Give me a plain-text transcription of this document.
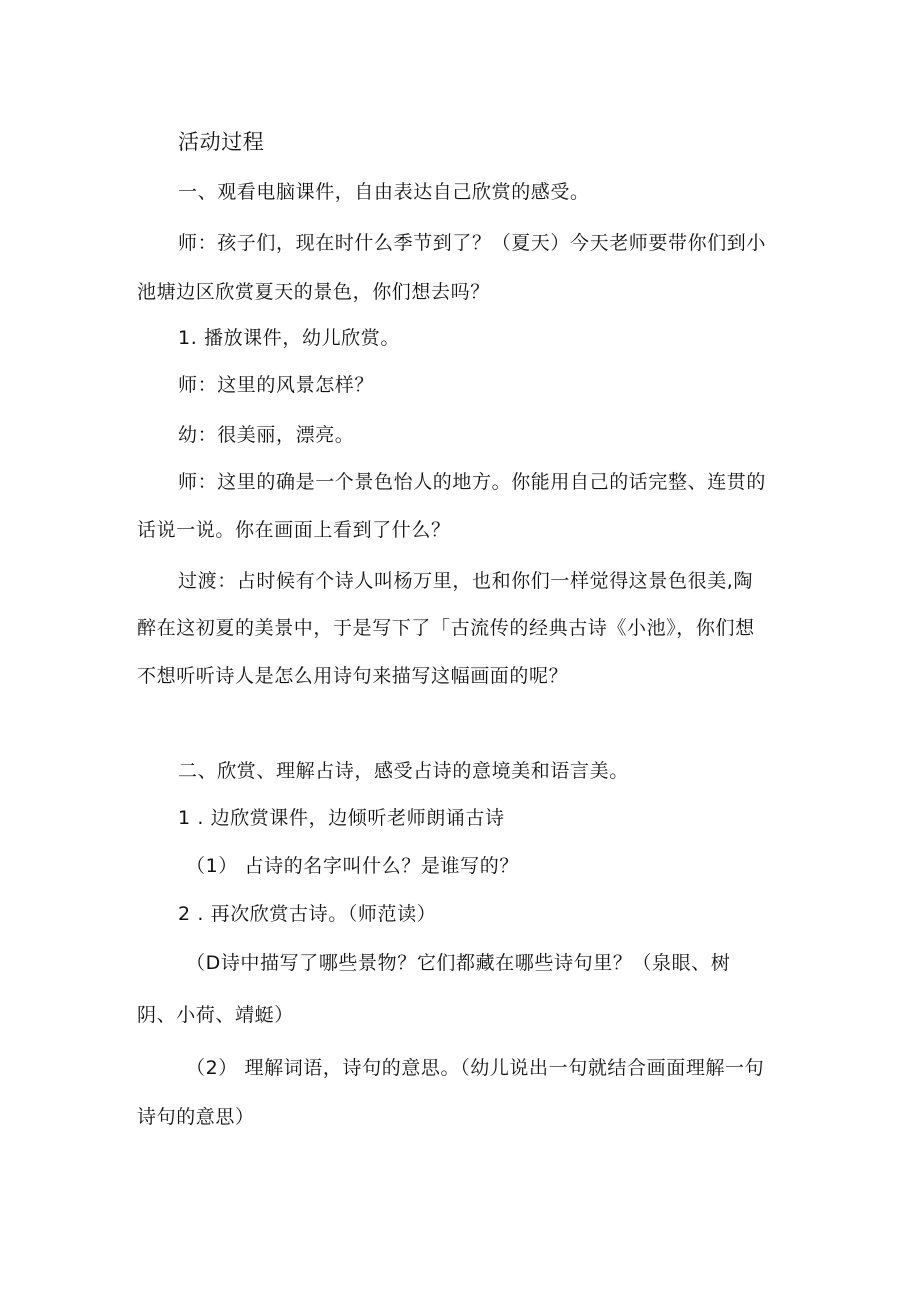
活动过程
一、观看电脑课件，自由表达自己欣赏的感受。
师：孩子们，现在时什么季节到了？（夏天）今天老师要带你们到小
池塘边区欣赏夏天的景色，你们想去吗？
1. 播放课件，幼儿欣赏。
师：这里的风景怎样？
幼：很美丽，漂亮。
师：这里的确是一个景色怡人的地方。你能用自己的话完整、连贯的
话说一说。你在画面上看到了什么？
过渡：占时候有个诗人叫杨万里，也和你们一样觉得这景色很美,陶
醉在这初夏的美景中，于是写下了「古流传的经典古诗《小池》，你们想
不想听听诗人是怎么用诗句来描写这幅画面的呢？
二、欣赏、理解占诗，感受占诗的意境美和语言美。
1 . 边欣赏课件，边倾听老师朗诵古诗
（1） 占诗的名字叫什么？是谁写的？
2 . 再次欣赏古诗。（师范读）
（D诗中描写了哪些景物？它们都藏在哪些诗句里？（泉眼、树
阴、小荷、靖蜓）
（2） 理解词语，诗句的意思。（幼儿说出一句就结合画面理解一句
诗句的意思）
